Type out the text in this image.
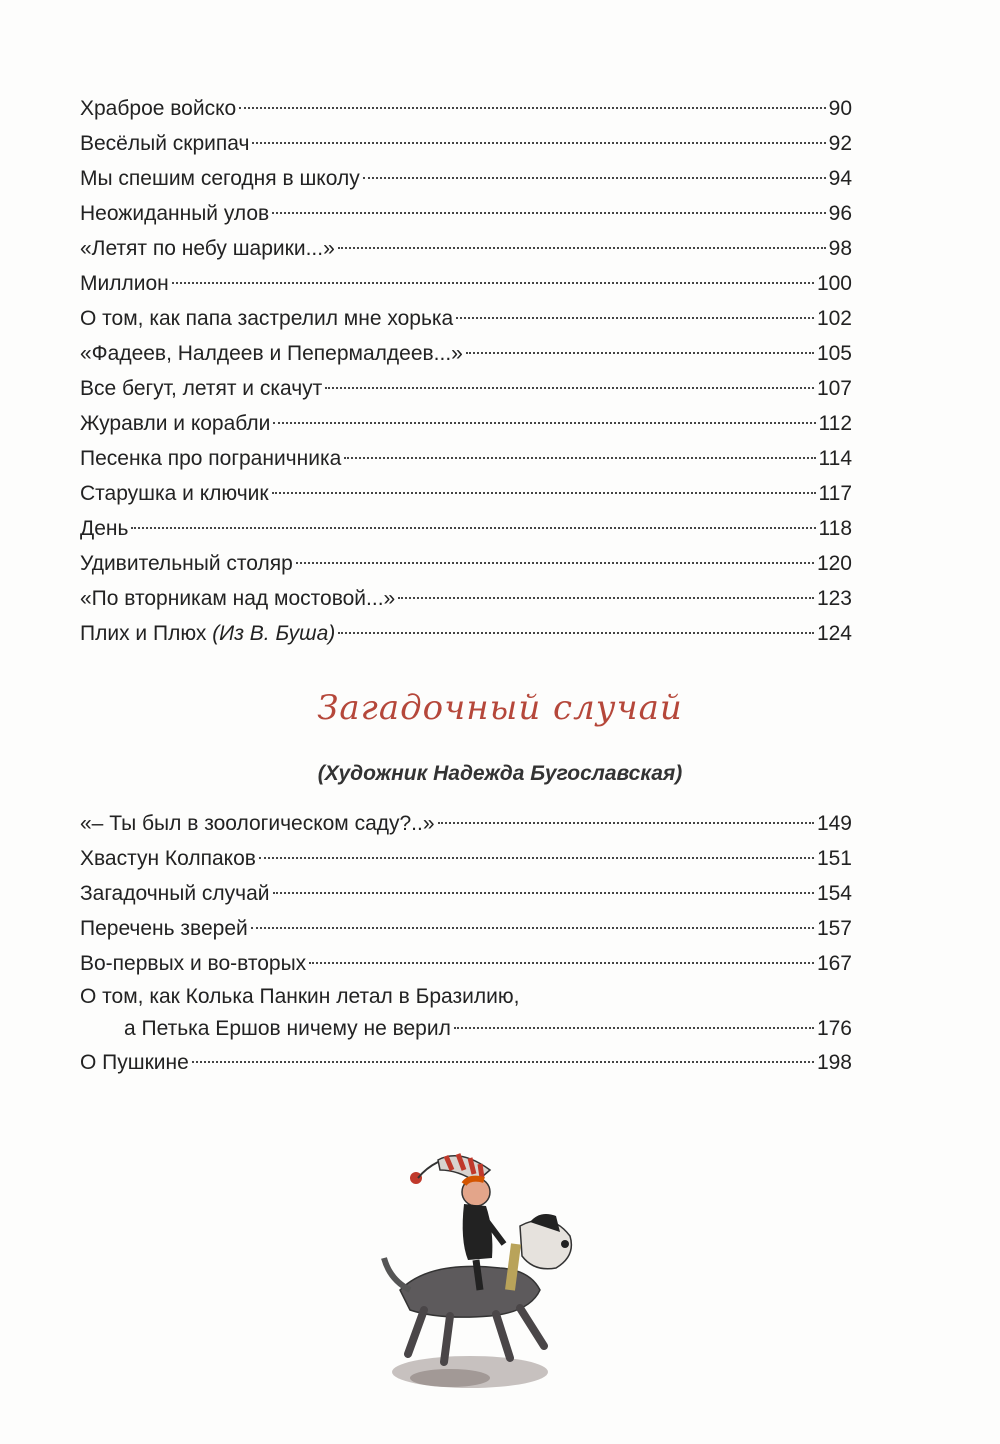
Храброе войско	90
Весёлый скрипач	92
Мы спешим сегодня в школу	94
Неожиданный улов	96
«Летят по небу шарики...»	98
Миллион	100
О том, как папа застрелил мне хорька	102
«Фадеев, Налдеев и Пепермалдеев...»	105
Все бегут, летят и скачут	107
Журавли и корабли	112
Песенка про пограничника	114
Старушка и ключик	117
День	118
Удивительный столяр	120
«По вторникам над мостовой...»	123
Плих и Плюх (Из В. Буша)	124
Загадочный случай
(Художник Надежда Бугославская)
«– Ты был в зоологическом саду?..»	149
Хвастун Колпаков	151
Загадочный случай	154
Перечень зверей	157
Во-первых и во-вторых	167
О том, как Колька Панкин летал в Бразилию,
а Петька Ершов ничему не верил	176
О Пушкине	198
